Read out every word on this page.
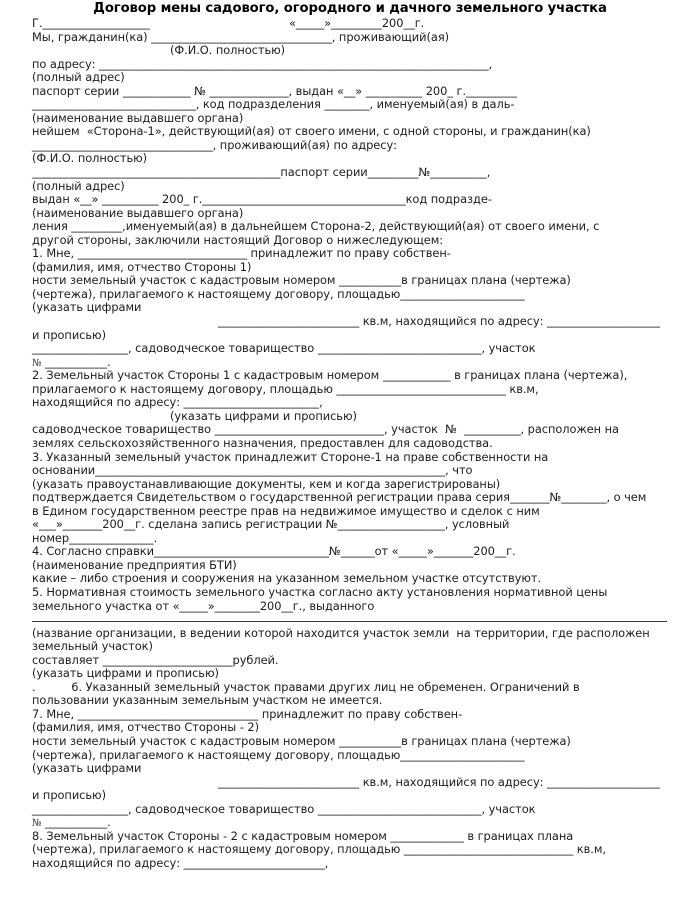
Договор мены садового, огородного и дачного земельного участка
Г.___________________                                       «_____»_________200__г.
Мы, гражданин(ка) ________________________________, проживающий(ая)
(Ф.И.О. полностью)
по адресу: _____________________________________________________________________,
(полный адрес)
паспорт серии ____________ № ______________, выдан «__» __________ 200_ г._________
_____________________________, код подразделения ________, именуемый(ая) в даль-
(наименование выдавшего органа)
нейшем  «Сторона-1», действующий(ая) от своего имени, с одной стороны, и гражданин(ка)
________________________________, проживающий(ая) по адресу:
(Ф.И.О. полностью)
____________________________________________паспорт серии_________№__________,
(полный адрес)
выдан «__» __________ 200_ г.____________________________________код подразде-
(наименование выдавшего органа)
ления _________,именуемый(ая) в дальнейшем Сторона-2, действующий(ая) от своего имени, с
другой стороны, заключили настоящий Договор о нижеследующем:
1. Мне, ______________________________ принадлежит по праву собствен-
(фамилия, имя, отчество Стороны 1)
ности земельный участок с кадастровым номером ___________в границах плана (чертежа)
(чертежа), прилагаемого к настоящему договору, площадью______________________
(указать цифрами
_________________________ кв.м, находящийся по адресу: ____________________
и прописью)
_________________, садоводческое товарищество _____________________________, участок
№ ___________.
2. Земельный участок Стороны 1 с кадастровым номером ____________ в границах плана (чертежа),
прилагаемого к настоящему договору, площадью ______________________________ кв.м,
находящийся по адресу: ________________________,
(указать цифрами и прописью)
садоводческое товарищество ______________________________, участок  №  __________, расположен на
землях сельскохозяйственного назначения, предоставлен для садоводства.
3. Указанный земельный участок принадлежит Стороне-1 на праве собственности на
основании______________________________________________________________, что
(указать правоустанавливающие документы, кем и когда зарегистрированы)
подтверждается Свидетельством о государственной регистрации права серия_______№________, о чем
в Едином государственном реестре прав на недвижимое имущество и сделок с ним
«___»_______200__г. сделана запись регистрации №___________________, условный
номер_______________.
4. Согласно справки_______________________________№______от «_____»_______200__г.
(наименование предприятия БТИ)
какие – либо строения и сооружения на указанном земельном участке отсутствуют.
5. Нормативная стоимость земельного участка согласно акту установления нормативной цены
земельного участка от «_____»________200__г., выданного
(название организации, в ведении которой находится участок земли  на территории, где расположен
земельный участок)
составляет _______________________рублей.
(указать цифрами и прописью)
.          6. Указанный земельный участок правами других лиц не обременен. Ограничений в
пользовании указанным земельным участком не имеется.
7. Мне, ________________________________ принадлежит по праву собствен-
(фамилия, имя, отчество Стороны - 2)
ности земельный участок с кадастровым номером ___________в границах плана (чертежа)
(чертежа), прилагаемого к настоящему договору, площадью______________________
(указать цифрами
_________________________ кв.м, находящийся по адресу: ____________________
и прописью)
_________________, садоводческое товарищество _____________________________, участок
№ ___________.
8. Земельный участок Стороны - 2 с кадастровым номером _____________ в границах плана
(чертежа), прилагаемого к настоящему договору, площадью ______________________________ кв.м,
находящийся по адресу: _________________________,
